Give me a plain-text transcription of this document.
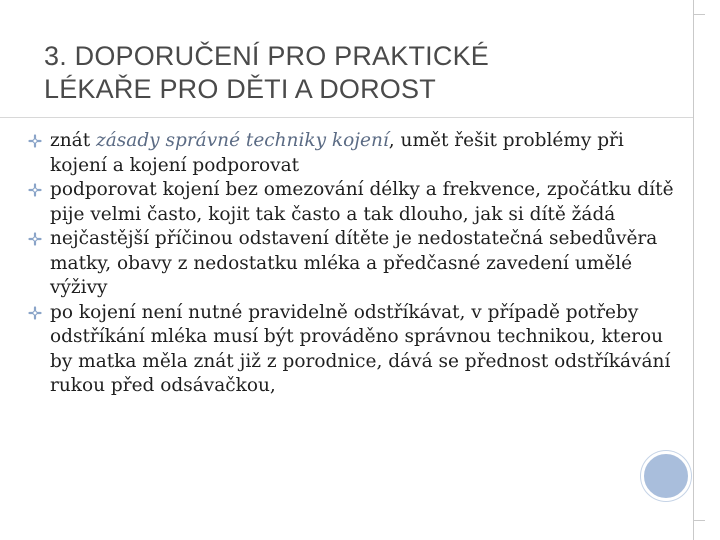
3. DOPORUČENÍ PRO PRAKTICKÉ
LÉKAŘE PRO DĚTI A DOROST
znát zásady správné techniky kojení, umět řešit problémy při kojení a kojení podporovat
podporovat kojení bez omezování délky a frekvence, zpočátku dítě pije velmi často, kojit tak často a tak dlouho, jak si dítě žádá
nejčastější příčinou odstavení dítěte je nedostatečná sebedůvěra matky, obavy z nedostatku mléka a předčasné zavedení umělé výživy
po kojení není nutné pravidelně odstříkávat, v případě potřeby odstříkání mléka musí být prováděno správnou technikou, kterou by matka měla znát již z porodnice, dává se přednost odstříkávání rukou před odsávačkou,
